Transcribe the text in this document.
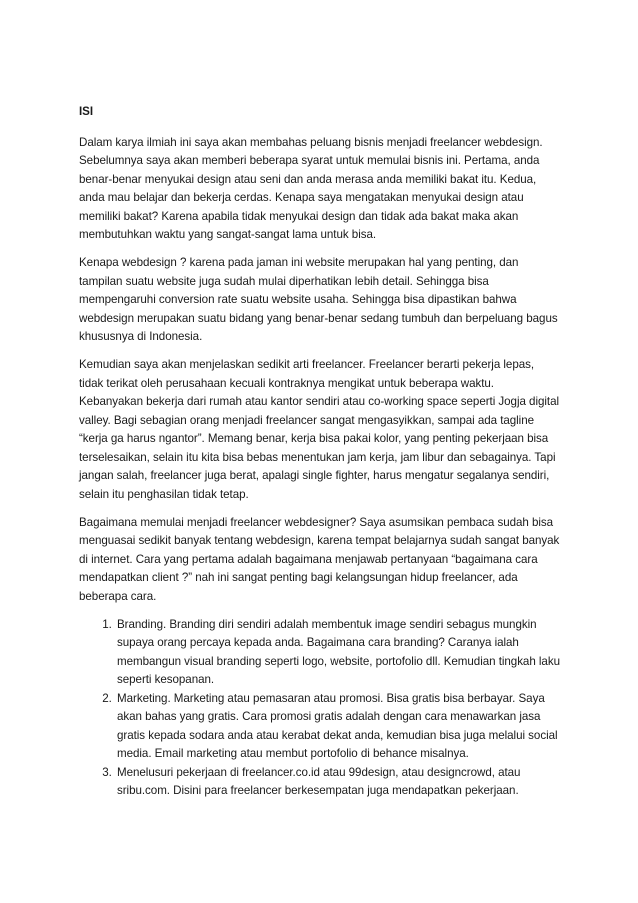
ISI

Dalam karya ilmiah ini saya akan membahas peluang bisnis menjadi freelancer webdesign. Sebelumnya saya akan memberi beberapa syarat untuk memulai bisnis ini. Pertama, anda benar-benar menyukai design atau seni dan anda merasa anda memiliki bakat itu. Kedua, anda mau belajar dan bekerja cerdas. Kenapa saya mengatakan menyukai design atau memiliki bakat? Karena apabila tidak menyukai design dan tidak ada bakat maka akan membutuhkan waktu yang sangat-sangat lama untuk bisa.

Kenapa webdesign ? karena pada jaman ini website merupakan hal yang penting, dan tampilan suatu website juga sudah mulai diperhatikan lebih detail. Sehingga bisa mempengaruhi conversion rate suatu website usaha. Sehingga bisa dipastikan bahwa webdesign merupakan suatu bidang yang benar-benar sedang tumbuh dan berpeluang bagus khususnya di Indonesia.

Kemudian saya akan menjelaskan sedikit arti freelancer. Freelancer berarti pekerja lepas, tidak terikat oleh perusahaan kecuali kontraknya mengikat untuk beberapa waktu. Kebanyakan bekerja dari rumah atau kantor sendiri atau co-working space seperti Jogja digital valley. Bagi sebagian orang menjadi freelancer sangat mengasyikkan, sampai ada tagline “kerja ga harus ngantor”. Memang benar, kerja bisa pakai kolor, yang penting pekerjaan bisa terselesaikan, selain itu kita bisa bebas menentukan jam kerja, jam libur dan sebagainya. Tapi jangan salah, freelancer juga berat, apalagi single fighter, harus mengatur segalanya sendiri, selain itu penghasilan tidak tetap.

Bagaimana memulai menjadi freelancer webdesigner? Saya asumsikan pembaca sudah bisa menguasai sedikit banyak tentang webdesign, karena tempat belajarnya sudah sangat banyak di internet. Cara yang pertama adalah bagaimana menjawab pertanyaan “bagaimana cara mendapatkan client ?” nah ini sangat penting bagi kelangsungan hidup freelancer, ada beberapa cara.

1. Branding. Branding diri sendiri adalah membentuk image sendiri sebagus mungkin supaya orang percaya kepada anda. Bagaimana cara branding? Caranya ialah membangun visual branding seperti logo, website, portofolio dll. Kemudian tingkah laku seperti kesopanan.
2. Marketing. Marketing atau pemasaran atau promosi. Bisa gratis bisa berbayar. Saya akan bahas yang gratis. Cara promosi gratis adalah dengan cara menawarkan jasa gratis kepada sodara anda atau kerabat dekat anda, kemudian bisa juga melalui social media. Email marketing atau membut portofolio di behance misalnya.
3. Menelusuri pekerjaan di freelancer.co.id atau 99design, atau designcrowd, atau sribu.com. Disini para freelancer berkesempatan juga mendapatkan pekerjaan.
